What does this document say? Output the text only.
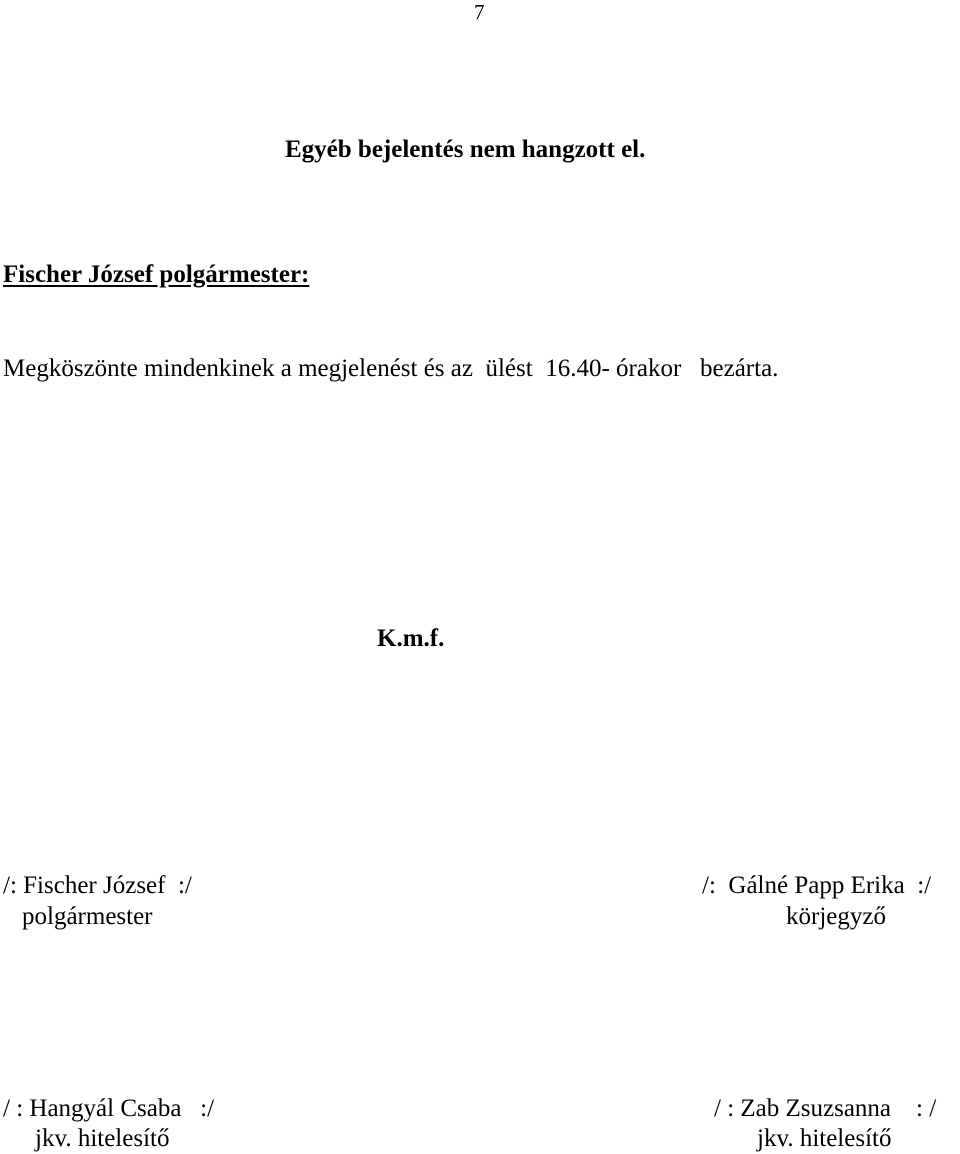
7
Egyéb bejelentés nem hangzott el.
Fischer József polgármester:
Megköszönte mindenkinek a megjelenést és az  ülést  16.40- órakor   bezárta.
K.m.f.
/: Fischer József  :/
polgármester
/:  Gálné Papp Erika  :/
körjegyző
/ : Hangyál Csaba   :/
jkv. hitelesítő
/ : Zab Zsuzsanna    : /
jkv. hitelesítő
